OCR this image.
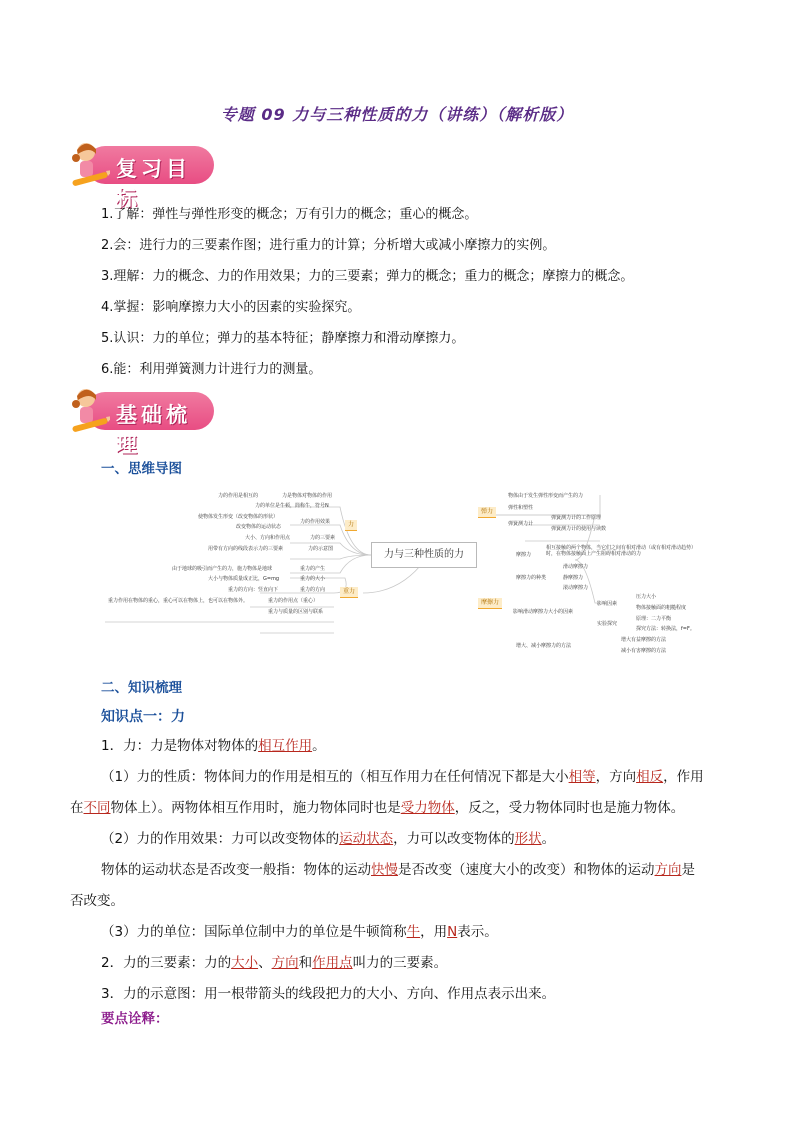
专题 09 力与三种性质的力（讲练）（解析版）
复习目标
1.了解：弹性与弹性形变的概念；万有引力的概念；重心的概念。
2.会：进行力的三要素作图；进行重力的计算；分析增大或减小摩擦力的实例。
3.理解：力的概念、力的作用效果；力的三要素；弹力的概念；重力的概念；摩擦力的概念。
4.掌握：影响摩擦力大小的因素的实验探究。
5.认识：力的单位；弹力的基本特征；静摩擦力和滑动摩擦力。
6.能：利用弹簧测力计进行力的测量。
基础梳理
一、思维导图
力与三种性质的力
力
重力
弹力
摩擦力
力的作用是相互的	力是物体对物体的作用
力的单位是牛顿，简称牛，符号N
使物体发生形变（改变物体的形状）
力的作用效果
改变物体的运动状态
大小、方向和作用点	力的三要素
用带有方向的线段表示力的三要素	力的示意图
由于地球的吸引而产生的力，施力物体是地球	重力的产生
大小与物体质量成正比，G=mg	重力的大小
重力的方向：竖直向下	重力的方向
重力作用在物体的重心，重心可以在物体上，也可以在物体外。	重力的作用点（重心）
重力与质量的区别与联系
物体由于发生弹性形变而产生的力
弹性和塑性
弹簧测力计
弹簧测力计的工作原理
弹簧测力计的使用与读数
摩擦力
相互接触的两个物体，当它们之间有相对滑动（或有相对滑动趋势）时，在物体接触面上产生阻碍相对滑动的力
摩擦力的种类
滑动摩擦力
静摩擦力
滚动摩擦力
影响滑动摩擦力大小的因素
影响因素
压力大小
物体接触面的粗糙程度
实验探究
原理：二力平衡
探究方法：转换法，f=F。
增大、减小摩擦力的方法
增大有益摩擦的方法
减小有害摩擦的方法
二、知识梳理
知识点一：力
1．力：力是物体对物体的相互作用。
（1）力的性质：物体间力的作用是相互的（相互作用力在任何情况下都是大小相等，方向相反，作用
在不同物体上）。两物体相互作用时，施力物体同时也是受力物体，反之，受力物体同时也是施力物体。
（2）力的作用效果：力可以改变物体的运动状态，力可以改变物体的形状。
物体的运动状态是否改变一般指：物体的运动快慢是否改变（速度大小的改变）和物体的运动方向是
否改变。
（3）力的单位：国际单位制中力的单位是牛顿简称牛，用N表示。
2．力的三要素：力的大小、方向和作用点叫力的三要素。
3．力的示意图：用一根带箭头的线段把力的大小、方向、作用点表示出来。
要点诠释：
